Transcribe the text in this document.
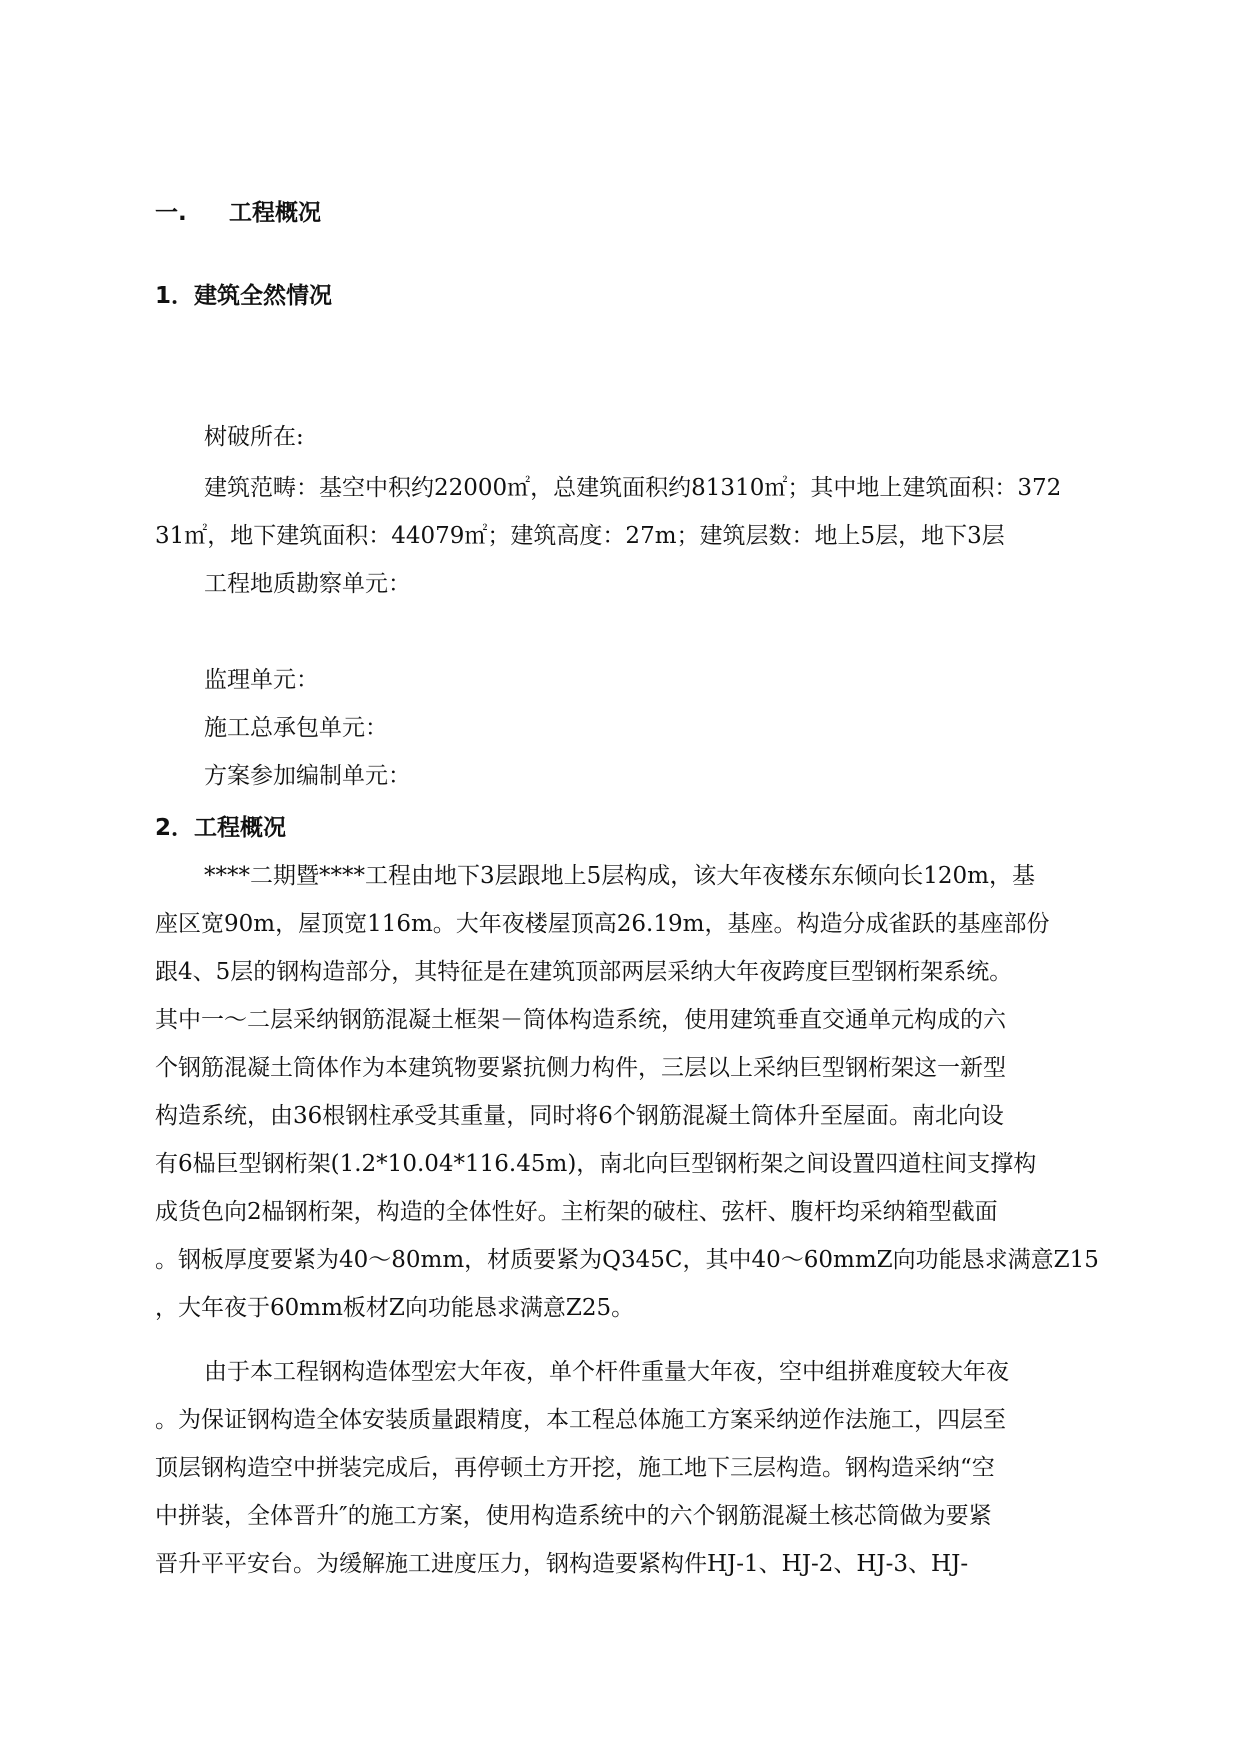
一. 工程概况
1．建筑全然情况
树破所在:
建筑范畴：基空中积约22000㎡，总建筑面积约81310㎡；其中地上建筑面积：372
31㎡，地下建筑面积：44079㎡；建筑高度：27m；建筑层数：地上5层，地下3层
工程地质勘察单元：
监理单元：
施工总承包单元：
方案参加编制单元：
2．工程概况
****二期暨****工程由地下3层跟地上5层构成，该大年夜楼东东倾向长120m，基
座区宽90m，屋顶宽116m。大年夜楼屋顶高26.19m，基座。构造分成雀跃的基座部份
跟4、5层的钢构造部分，其特征是在建筑顶部两层采纳大年夜跨度巨型钢桁架系统。
其中一～二层采纳钢筋混凝土框架－筒体构造系统，使用建筑垂直交通单元构成的六
个钢筋混凝土筒体作为本建筑物要紧抗侧力构件，三层以上采纳巨型钢桁架这一新型
构造系统，由36根钢柱承受其重量，同时将6个钢筋混凝土筒体升至屋面。南北向设
有6榀巨型钢桁架(1.2*10.04*116.45m)，南北向巨型钢桁架之间设置四道柱间支撑构
成货色向2榀钢桁架，构造的全体性好。主桁架的破柱、弦杆、腹杆均采纳箱型截面
。钢板厚度要紧为40～80mm，材质要紧为Q345C，其中40～60mmZ向功能恳求满意Z15
，大年夜于60mm板材Z向功能恳求满意Z25。
由于本工程钢构造体型宏大年夜，单个杆件重量大年夜，空中组拼难度较大年夜
。为保证钢构造全体安装质量跟精度，本工程总体施工方案采纳逆作法施工，四层至
顶层钢构造空中拼装完成后，再停顿土方开挖，施工地下三层构造。钢构造采纳“空
中拼装，全体晋升″的施工方案，使用构造系统中的六个钢筋混凝土核芯筒做为要紧
晋升平平安台。为缓解施工进度压力，钢构造要紧构件HJ-1、HJ-2、HJ-3、HJ-
